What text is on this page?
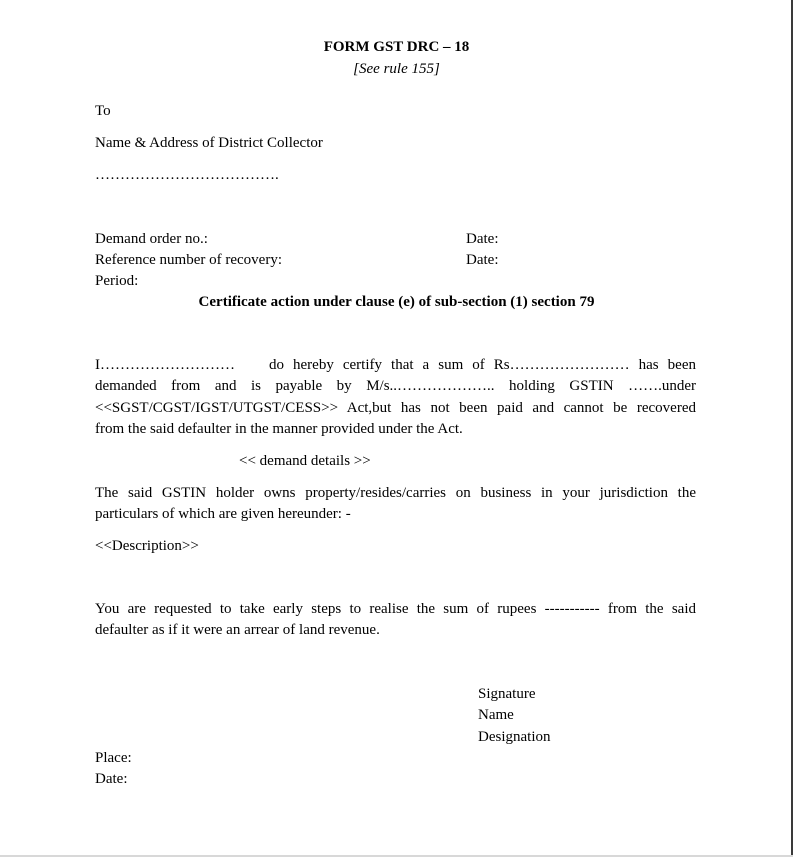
FORM GST DRC – 18
[See rule 155]
To
Name & Address of District Collector
……………………………….
Demand order no.:	Date:
Reference number of recovery:	Date:
Period:
Certificate action under clause (e) of sub-section (1) section 79
I……………………… do hereby certify that a sum of Rs…………………… has been
demanded from and is payable by M/s..……………….. holding GSTIN …….under
<<SGST/CGST/IGST/UTGST/CESS>> Act,but has not been paid and cannot be recovered
from the said defaulter in the manner provided under the Act.
<< demand details >>
The said GSTIN holder owns property/resides/carries on business in your jurisdiction the
particulars of which are given hereunder: -
<<Description>>
You are requested to take early steps to realise the sum of rupees ----------- from the said
defaulter as if it were an arrear of land revenue.
Signature
Name
Designation
Place:
Date:
